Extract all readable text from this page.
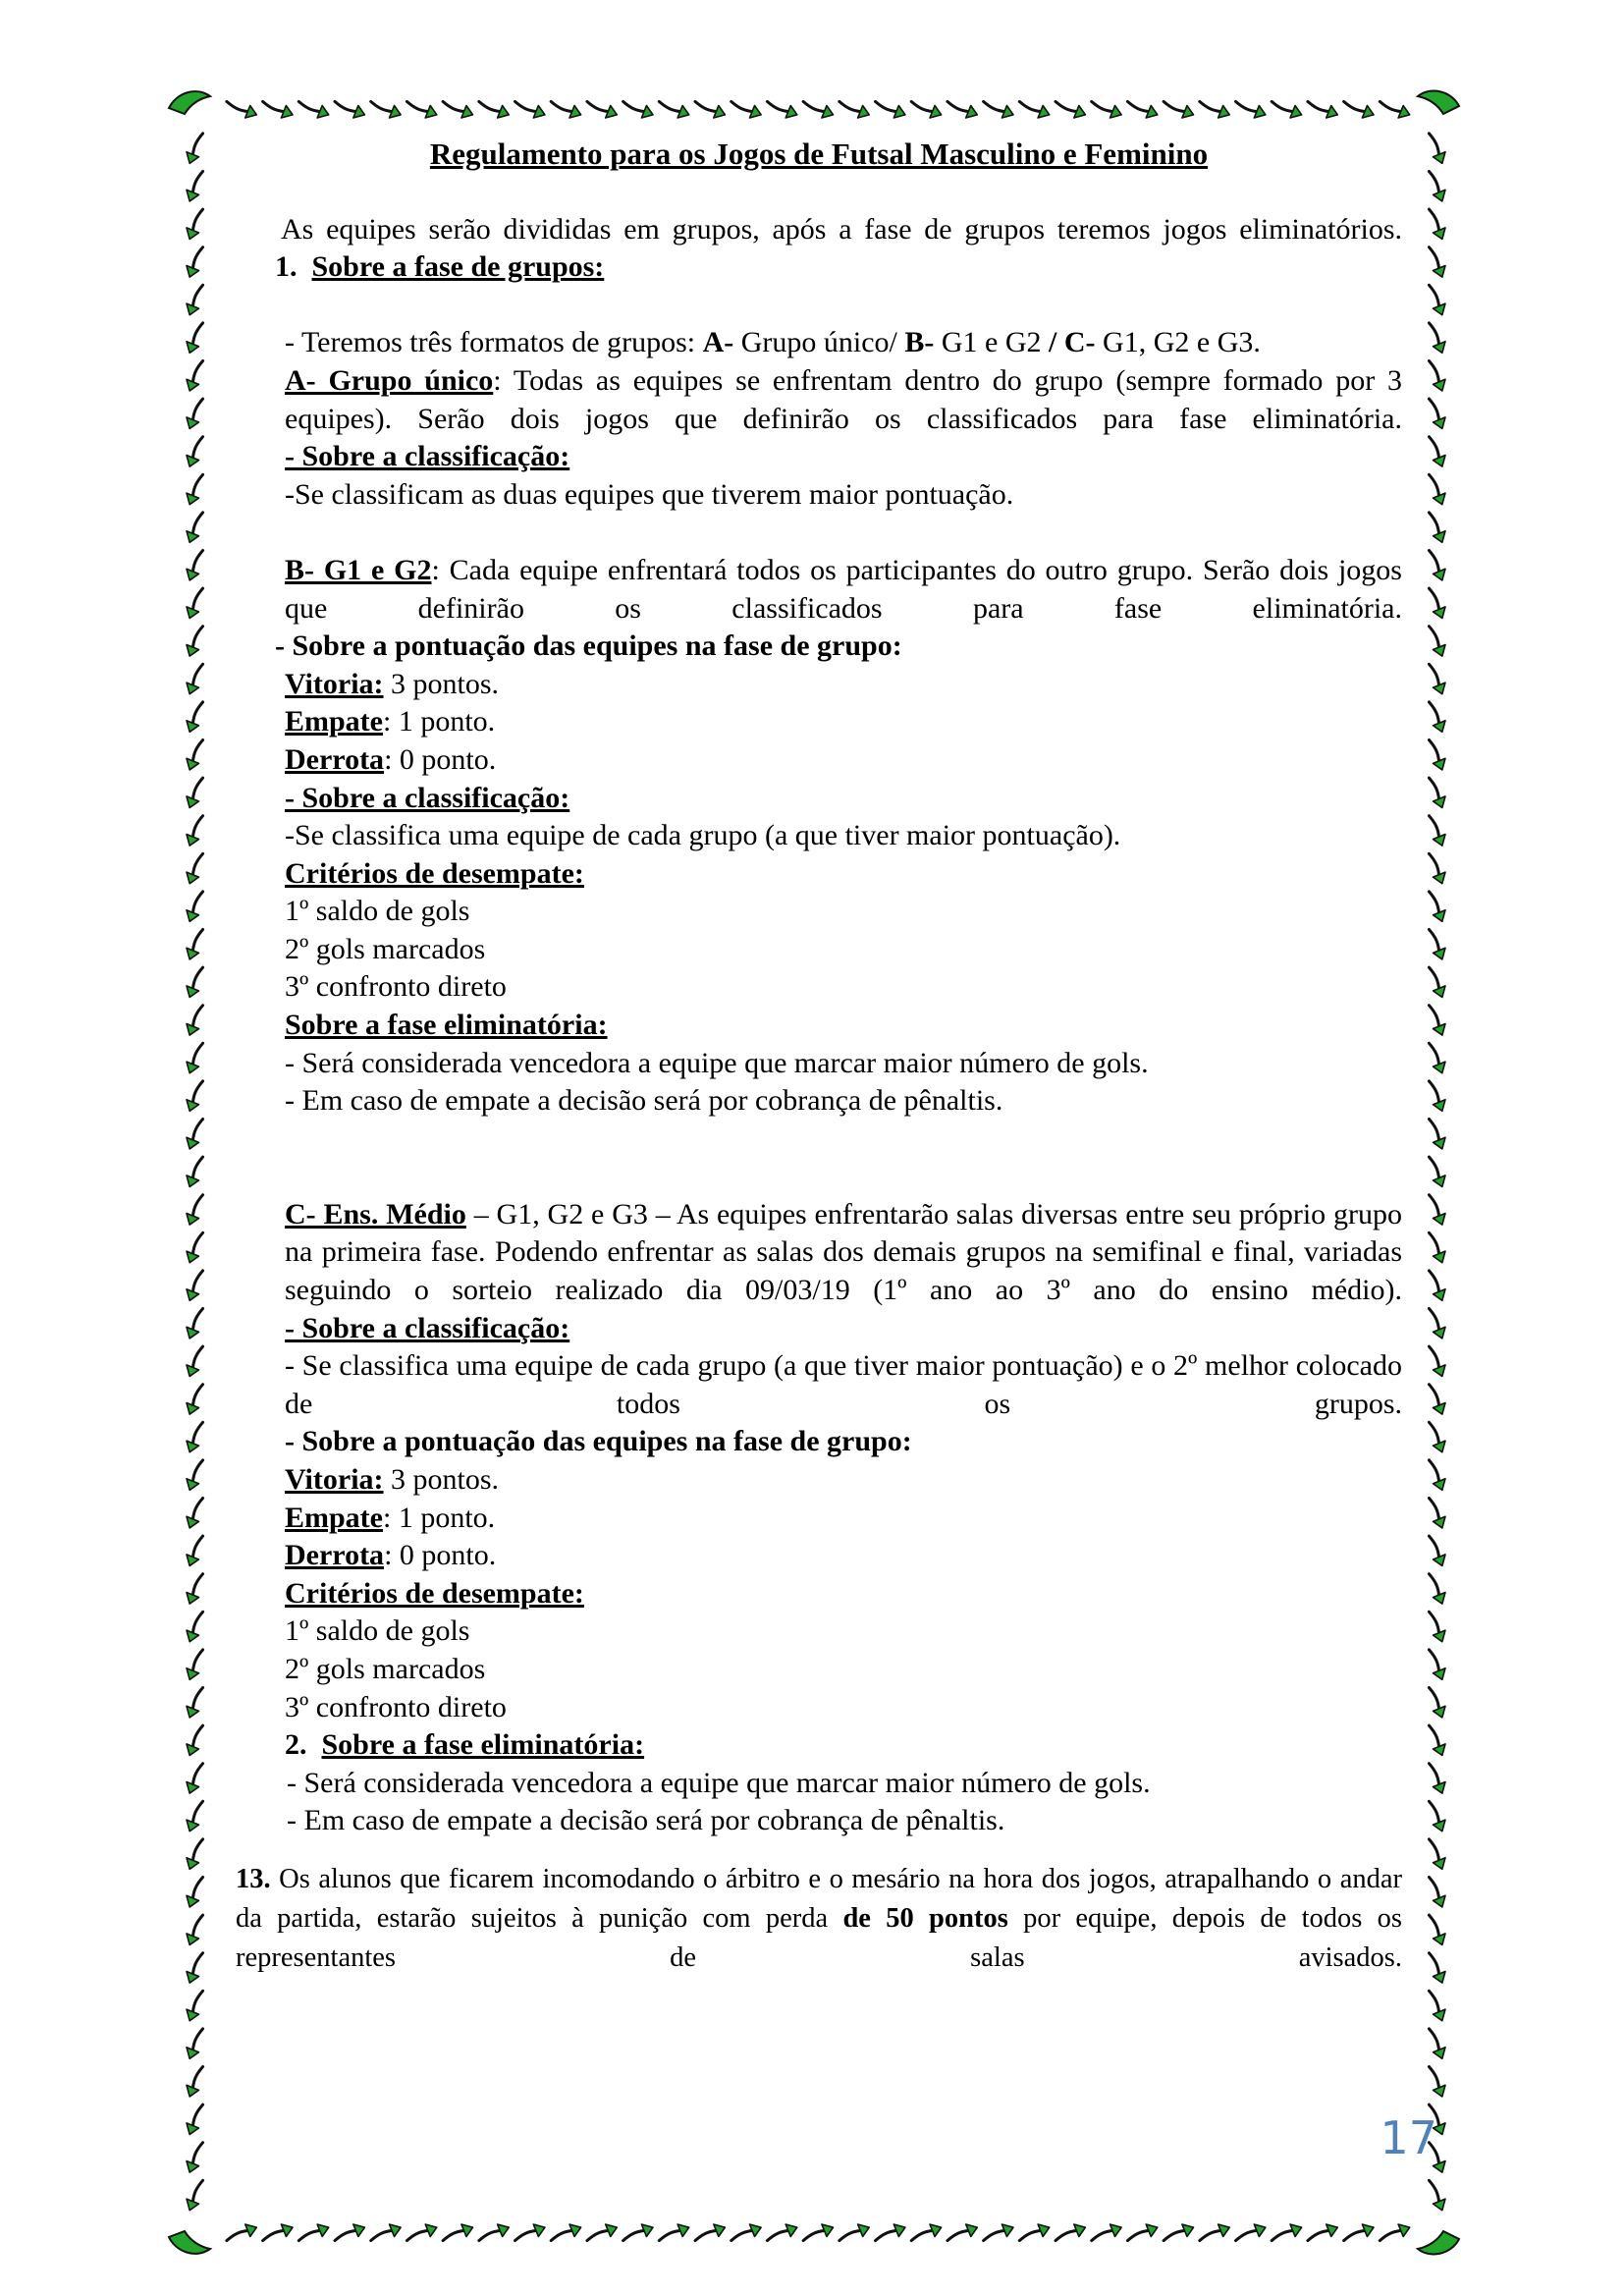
Regulamento para os Jogos de Futsal Masculino e Feminino
As equipes serão divididas em grupos, após a fase de grupos teremos jogos eliminatórios.
1. Sobre a fase de grupos:
- Teremos três formatos de grupos: A- Grupo único/ B- G1 e G2 / C- G1, G2 e G3.
A- Grupo único: Todas as equipes se enfrentam dentro do grupo (sempre formado por 3 equipes). Serão dois jogos que definirão os classificados para fase eliminatória.
- Sobre a classificação:
-Se classificam as duas equipes que tiverem maior pontuação.
B- G1 e G2: Cada equipe enfrentará todos os participantes do outro grupo. Serão dois jogos que definirão os classificados para fase eliminatória.
- Sobre a pontuação das equipes na fase de grupo:
Vitoria: 3 pontos.
Empate: 1 ponto.
Derrota: 0 ponto.
- Sobre a classificação:
-Se classifica uma equipe de cada grupo (a que tiver maior pontuação).
Critérios de desempate:
1º saldo de gols
2º gols marcados
3º confronto direto
Sobre a fase eliminatória:
- Será considerada vencedora a equipe que marcar maior número de gols.
- Em caso de empate a decisão será por cobrança de pênaltis.
C- Ens. Médio – G1, G2 e G3 – As equipes enfrentarão salas diversas entre seu próprio grupo na primeira fase. Podendo enfrentar as salas dos demais grupos na semifinal e final, variadas seguindo o sorteio realizado dia 09/03/19 (1º ano ao 3º ano do ensino médio).
- Sobre a classificação:
- Se classifica uma equipe de cada grupo (a que tiver maior pontuação) e o 2º melhor colocado de todos os grupos.
- Sobre a pontuação das equipes na fase de grupo:
Vitoria: 3 pontos.
Empate: 1 ponto.
Derrota: 0 ponto.
Critérios de desempate:
1º saldo de gols
2º gols marcados
3º confronto direto
2. Sobre a fase eliminatória:
- Será considerada vencedora a equipe que marcar maior número de gols.
- Em caso de empate a decisão será por cobrança de pênaltis.
13. Os alunos que ficarem incomodando o árbitro e o mesário na hora dos jogos, atrapalhando o andar da partida, estarão sujeitos à punição com perda de 50 pontos por equipe, depois de todos os representantes de salas avisados.
17
